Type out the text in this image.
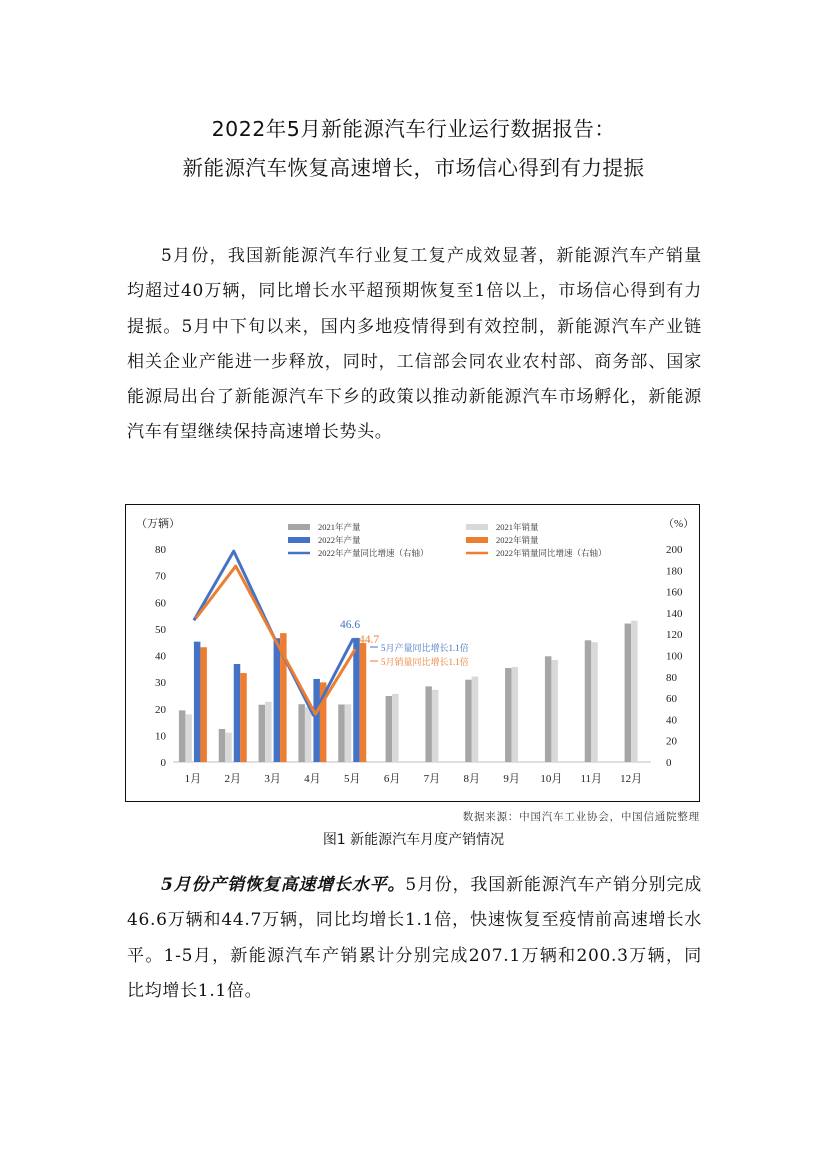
2022年5月新能源汽车行业运行数据报告：
新能源汽车恢复高速增长，市场信心得到有力提振
5月份，我国新能源汽车行业复工复产成效显著，新能源汽车产销量均超过40万辆，同比增长水平超预期恢复至1倍以上，市场信心得到有力提振。5月中下旬以来，国内多地疫情得到有效控制，新能源汽车产业链相关企业产能进一步释放，同时，工信部会同农业农村部、商务部、国家能源局出台了新能源汽车下乡的政策以推动新能源汽车市场孵化，新能源汽车有望继续保持高速增长势头。
0
10
20
30
40
50
60
70
80
0
20
40
60
80
100
120
140
160
180
200
（万辆）	（%）
1月 2月 3月 4月 5月 6月 7月 8月 9月 10月 11月 12月
46.6
44.7
5月产量同比增长1.1倍
5月销量同比增长1.1倍
2021年产量	2021年销量
2022年产量	2022年销量
2022年产量同比增速（右轴）	2022年销量同比增速（右轴）
数据来源：中国汽车工业协会，中国信通院整理
图1 新能源汽车月度产销情况
5月份产销恢复高速增长水平。5月份，我国新能源汽车产销分别完成46.6万辆和44.7万辆，同比均增长1.1倍，快速恢复至疫情前高速增长水平。1-5月，新能源汽车产销累计分别完成207.1万辆和200.3万辆，同比均增长1.1倍。
